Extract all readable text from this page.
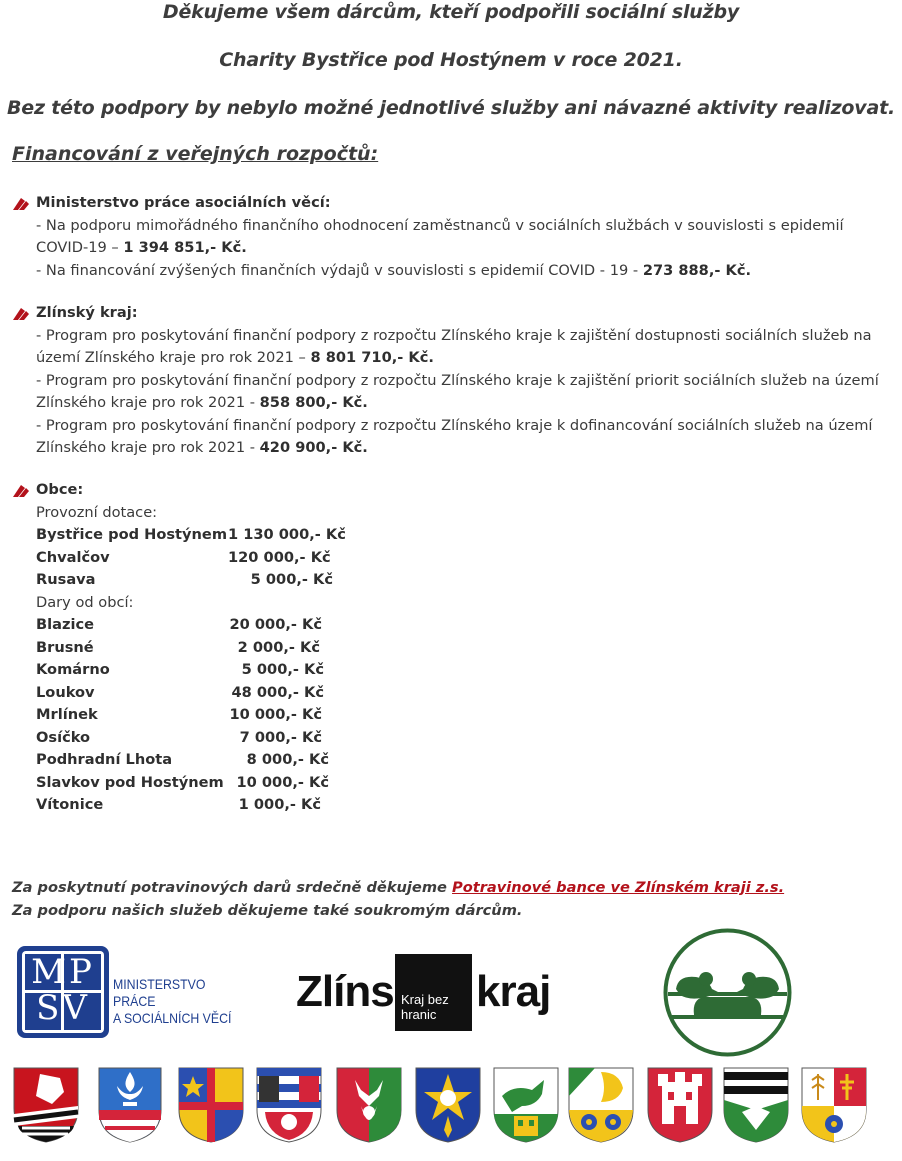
Děkujeme všem dárcům, kteří podpořili sociální služby
Charity Bystřice pod Hostýnem v roce 2021.
Bez této podpory by nebylo možné jednotlivé služby ani návazné aktivity realizovat.
Financování z veřejných rozpočtů:
Ministerstvo práce asociálních věcí:
- Na podporu mimořádného finančního ohodnocení zaměstnanců v sociálních službách v souvislosti s epidemií COVID-19 – 1 394 851,- Kč.
- Na financování zvýšených finančních výdajů v souvislosti s epidemií COVID - 19 - 273 888,- Kč.
Zlínský kraj:
- Program pro poskytování finanční podpory z rozpočtu Zlínského kraje k zajištění dostupnosti sociálních služeb na území Zlínského kraje pro rok 2021 – 8 801 710,- Kč.
- Program pro poskytování finanční podpory z rozpočtu Zlínského kraje k zajištění priorit sociálních služeb na území Zlínského kraje pro rok 2021 - 858 800,- Kč.
- Program pro poskytování finanční podpory z rozpočtu Zlínského kraje k dofinancování sociálních služeb na území Zlínského kraje pro rok 2021 - 420 900,- Kč.
Obce:
Provozní dotace:
Bystřice pod Hostýnem 1 130 000,- Kč
Chvalčov	120 000,- Kč
Rusava	5 000,- Kč
Dary od obcí:
Blazice	20 000,- Kč
Brusné	2 000,- Kč
Komárno	5 000,- Kč
Loukov	48 000,- Kč
Mrlínek	10 000,- Kč
Osíčko	7 000,- Kč
Podhradní Lhota	8 000,- Kč
Slavkov pod Hostýnem 10 000,- Kč
Vítonice	1 000,- Kč
Za poskytnutí potravinových darů srdečně děkujeme Potravinové bance ve Zlínském kraji z.s.
Za podporu našich služeb děkujeme také soukromým dárcům.
MP
SV
MINISTERSTVO PRÁCE
A SOCIÁLNÍCH VĚCÍ
Zlíns Kraj bez
hranic kraj
